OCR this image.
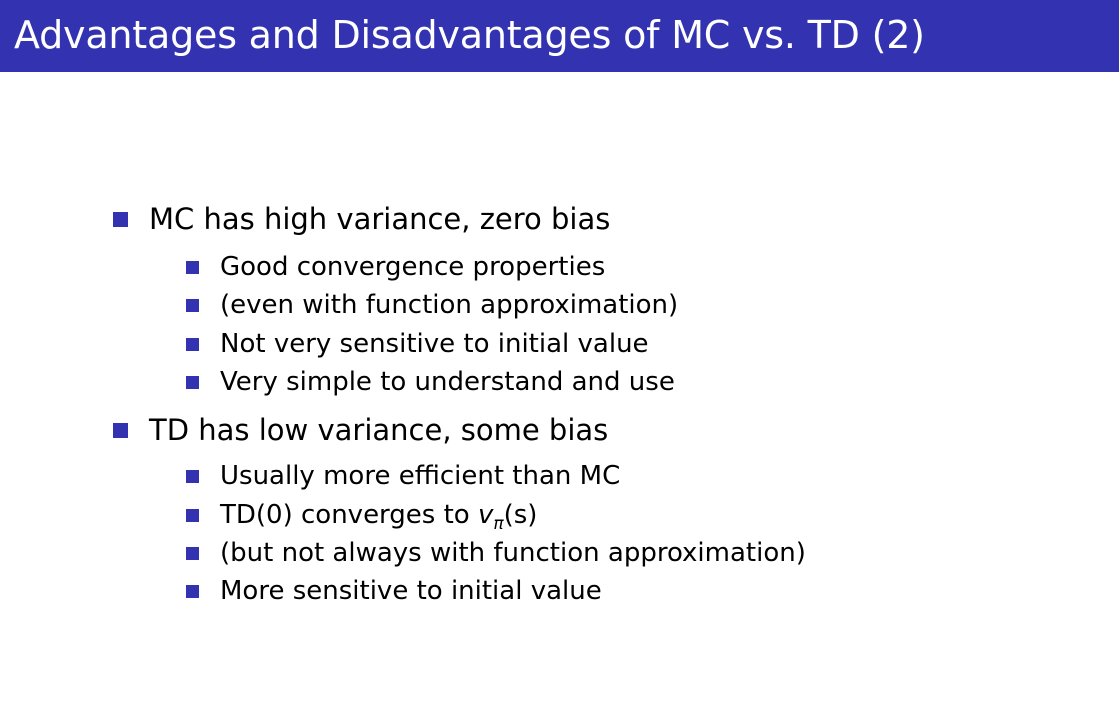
Advantages and Disadvantages of MC vs. TD (2)
MC has high variance, zero bias
Good convergence properties
(even with function approximation)
Not very sensitive to initial value
Very simple to understand and use
TD has low variance, some bias
Usually more efficient than MC
TD(0) converges to $v_\pi(s)$
(but not always with function approximation)
More sensitive to initial value
